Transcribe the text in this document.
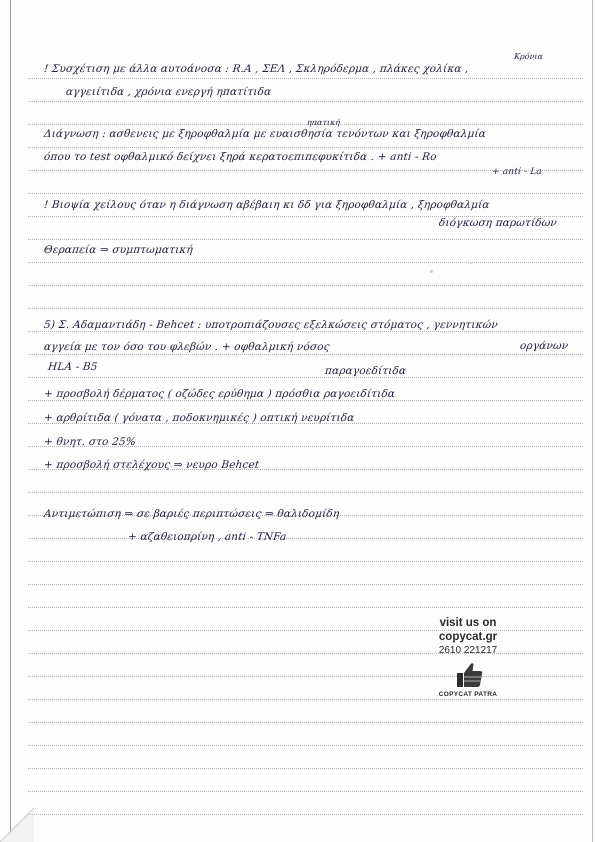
Κρόνια
! Συσχέτιση με άλλα αυτοάνοσα : R.A , ΣΕΛ , Σκληρόδερμα , πλάκες χολίκα ,
αγγειίτιδα , χρόνια ενεργή ηπατίτιδα
ηπατική
Διάγνωση : ασθενεις με ξηροφθαλμία με ευαισθησία τενόντων και ξηροφθαλμία
όπου το test οφθαλμικό δείχνει ξηρά κερατοεπιπεφυκίτιδα . + anti - Ro
+ anti - La
! Βιοψία χείλους όταν η διάγνωση αβέβαιη κι δδ για ξηροφθαλμία , ξηροφθαλμία
διόγκωση παρωτίδων
Θεραπεία ⇒ συμπτωματική
5) Σ. Αδαμαντιάδη - Behcet : υποτροπιάζουσες εξελκώσεις στόματος , γεννητικών
οργάνων
αγγεία με τον όσο του φλεβών . + οφθαλμική νόσος
HLA - B5	παραγοεδίτιδα
+ προσβολή δέρματος ( οζώδες ερύθημα ) πρόσθια ραγοειδίτιδα
+ αρθρίτιδα ( γόνατα , ποδοκνημικές ) οπτική νευρίτιδα
+ θνητ. στο 25%
+ προσβολή στελέχους ⇒ νευρο Behcet
Αντιμετώπιση ⇒ σε βαριές περιπτώσεις ⇒ θαλιδομίδη
+ αζαθειοπρίνη , anti - TNFa
visit us on
copycat.gr
2610 221217
COPYCAT PATRA
